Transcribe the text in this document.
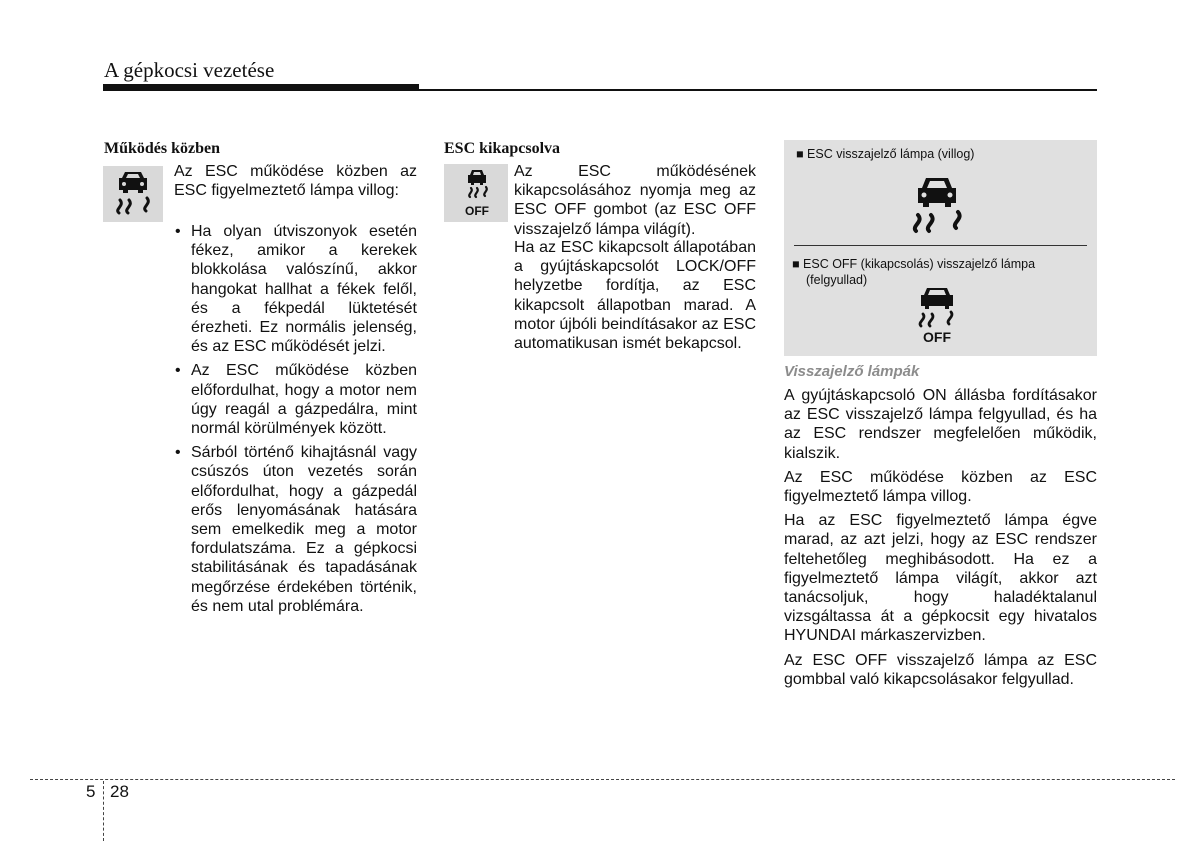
A gépkocsi vezetése
Működés közben
Az ESC működése közben az ESC figyelmeztető lámpa villog:
• Ha olyan útviszonyok esetén fékez, amikor a kerekek blokkolása valószínű, akkor hangokat hallhat a fékek felől, és a fékpedál lüktetését érezheti. Ez normális jelenség, és az ESC működését jelzi.
• Az ESC működése közben előfordulhat, hogy a motor nem úgy reagál a gázpedálra, mint normál körülmények között.
• Sárból történő kihajtásnál vagy csúszós úton vezetés során előfordulhat, hogy a gázpedál erős lenyomásának hatására sem emelkedik meg a motor fordulatszáma. Ez a gépkocsi stabilitásának és tapadásának megőrzése érdekében történik, és nem utal problémára.
ESC kikapcsolva
OFF
Az ESC működésének kikapcsolásához nyomja meg az ESC OFF gombot (az ESC OFF visszajelző lámpa világít).
Ha az ESC kikapcsolt állapotában a gyújtáskapcsolót LOCK/OFF helyzetbe fordítja, az ESC kikapcsolt állapotban marad. A motor újbóli beindításakor az ESC automatikusan ismét bekapcsol.
■ ESC visszajelző lámpa (villog)
■ ESC OFF (kikapcsolás) visszajelző lámpa
(felgyullad)
OFF
Visszajelző lámpák

A gyújtáskapcsoló ON állásba fordításakor az ESC visszajelző lámpa felgyullad, és ha az ESC rendszer megfelelően működik, kialszik.

Az ESC működése közben az ESC figyelmeztető lámpa villog.

Ha az ESC figyelmeztető lámpa égve marad, az azt jelzi, hogy az ESC rendszer feltehetőleg meghibásodott. Ha ez a figyelmeztető lámpa világít, akkor azt tanácsoljuk, hogy haladéktalanul vizsgáltassa át a gépkocsit egy hivatalos HYUNDAI márkaszervizben.

Az ESC OFF visszajelző lámpa az ESC gombbal való kikapcsolásakor felgyullad.

5 28
